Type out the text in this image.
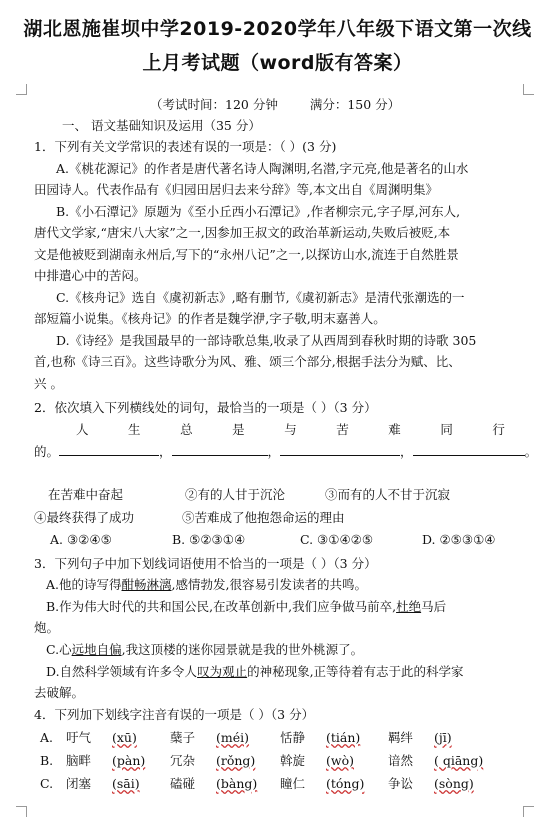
湖北恩施崔坝中学2019-2020学年八年级下语文第一次线
上月考试题（word版有答案）
（考试时间：120 分钟	满分：150 分）
一、 语文基础知识及运用（35 分）
1．下列有关文学常识的表述有误的一项是：（ ）(3 分)
A.《桃花源记》的作者是唐代著名诗人陶渊明,名潜,字元亮,他是著名的山水
田园诗人。代表作品有《归园田居归去来兮辞》等,本文出自《周渊明集》
B.《小石潭记》原题为《至小丘西小石潭记》,作者柳宗元,字子厚,河东人,
唐代文学家,“唐宋八大家”之一,因参加王叔文的政治革新运动,失败后被贬,本
文是他被贬到湖南永州后,写下的“永州八记”之一,以探访山水,流连于自然胜景
中排遣心中的苦闷。
C.《核舟记》选自《虞初新志》,略有删节,《虞初新志》是清代张潮选的一
部短篇小说集。《核舟记》的作者是魏学洢,字子敬,明末嘉善人。
D.《诗经》是我国最早的一部诗歌总集,收录了从西周到春秋时期的诗歌 305
首,也称《诗三百》。这些诗歌分为风、雅、颂三个部分,根据手法分为赋、比、
兴 。
2．依次填入下列横线处的词句，最恰当的一项是（ ）（3 分）
人	生	总	是	与	苦	难	同	行
的。	，	，	，	。
在苦难中奋起	②有的人甘于沉沦	③而有的人不甘于沉寂
④最终获得了成功	⑤苦难成了他抱怨命运的理由
A. ③②④⑤	B. ⑤②③①④	C. ③①④②⑤	D. ②⑤③①④
3．下列句子中加下划线词语使用不恰当的一项是（ ）（3 分）
A.他的诗写得酣畅淋漓,感情勃发,很容易引发读者的共鸣。
B.作为伟大时代的共和国公民,在改革创新中,我们应争做马前卒,杜绝马后
炮。
C.心远地自偏,我这顶楼的迷你园景就是我的世外桃源了。
D.自然科学领域有许多令人叹为观止的神秘现象,正等待着有志于此的科学家
去破解。
4．下列加下划线字注音有误的一项是（ ）（3 分）
A. 吁气 (xū)	蘖子 (méi) 恬静 (tián) 羁绊 (jī)
B. 脑畔 (pàn) 冗杂 (rǒng) 斡旋 (wò)	谙然 ( qiāng)
C. 闭塞 (sāi) 磕碰 (bàng) 瞳仁 (tóng) 争讼 (sòng)
